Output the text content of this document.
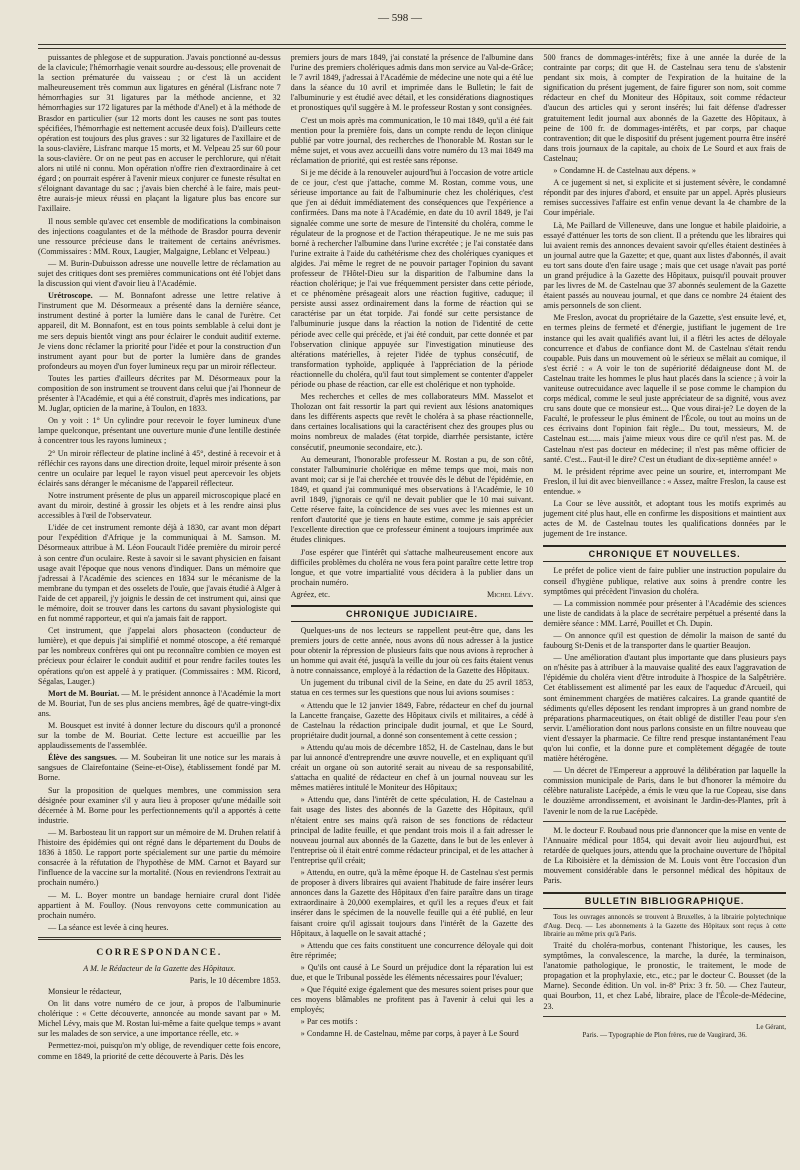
— 598 —

puissantes de phlegose et de suppuration. J'avais ponctionné au-dessus de la clavicule; l'hémorrhagie venait sourdre au-dessous; elle provenait de la section prématurée du vaisseau ; or c'est là un accident malheureusement très commun aux ligatures en général (Lisfranc note 7 hémorrhagies sur 31 ligatures par la méthode ancienne, et 32 hémorrhagies sur 172 ligatures par la méthode d'Anel) et à la méthode de Brasdor en particulier (sur 12 morts dont les causes ne sont pas toutes spécifiées, l'hémorrhagie est nettement accusée deux fois). D'ailleurs cette opération est toujours des plus graves : sur 32 ligatures de l'axillaire et de la sous-clavière, Lisfranc marque 15 morts, et M. Velpeau 25 sur 60 pour la sous-clavière. Or on ne peut pas en accuser le perchlorure, qui n'était alors ni utilé ni connu. Mon opération n'offre rien d'extraordinaire à cet égard ; on pourrait espérer à l'avenir mieux conjurer ce funeste résultat en s'éloignant davantage du sac ; j'avais bien cherché à le faire, mais peut-être aurais-je mieux réussi en plaçant la ligature plus bas encore sur l'axillaire.

Il nous semble qu'avec cet ensemble de modifications la combinaison des injections coagulantes et de la méthode de Brasdor pourra devenir une ressource précieuse dans le traitement de certains anévrismes. (Commissaires : MM. Roux, Laugier, Malgaigne, Leblanc et Velpeau.)

— M. Burin-Dubuisson adresse une nouvelle lettre de réclamation au sujet des critiques dont ses premières communications ont été l'objet dans la discussion qui vient d'avoir lieu à l'Académie.

Urétroscope. — M. Bonnafont adresse une lettre relative à l'instrument que M. Désormeaux a présenté dans la dernière séance, instrument destiné à porter la lumière dans le canal de l'urètre. Cet appareil, dit M. Bonnafont, est en tous points semblable à celui dont je me sers depuis bientôt vingt ans pour éclairer le conduit auditif externe. Je viens donc réclamer la priorité pour l'idée et pour la construction d'un instrument ayant pour but de porter la lumière dans de grandes profondeurs au moyen d'un foyer lumineux reçu par un miroir réflecteur.

Toutes les parties d'ailleurs décrites par M. Désormeaux pour la composition de son instrument se trouvent dans celui que j'ai l'honneur de présenter à l'Académie, et qui a été construit, d'après mes indications, par M. Juglar, opticien de la marine, à Toulon, en 1833.

On y voit : 1° Un cylindre pour recevoir le foyer lumineux d'une lampe quelconque, présentant une ouverture munie d'une lentille destinée à concentrer tous les rayons lumineux ;

2° Un miroir réflecteur de platine incliné à 45°, destiné à recevoir et à réfléchir ces rayons dans une direction droite, lequel miroir présente à son centre un oculaire par lequel le rayon visuel peut apercevoir les objets éclairés sans déranger le mécanisme de l'appareil réflecteur.

Notre instrument présente de plus un appareil microscopique placé en avant du miroir, destiné à grossir les objets et à les rendre ainsi plus accessibles à l'œil de l'observateur.

L'idée de cet instrument remonte déjà à 1830, car avant mon départ pour l'expédition d'Afrique je la communiquai à M. Samson. M. Désormeaux attribue à M. Léon Foucault l'idée première du miroir percé à son centre d'un oculaire. Reste à savoir si le savant physicien en faisant usage avait l'époque que nous venons d'indiquer. Dans un mémoire que j'adressai à l'Académie des sciences en 1834 sur le mécanisme de la membrane du tympan et des osselets de l'ouïe, que j'avais étudié à Alger à l'aide de cet appareil, j'y joignis le dessin de cet instrument qui, ainsi que le mémoire, doit se trouver dans les cartons du savant physiologiste qui en fut nommé rapporteur, et qui n'a jamais fait de rapport.

Cet instrument, que j'appelai alors phosacteon (conducteur de lumière), et que depuis j'ai simplifié et nommé otoscope, a été remarqué par les nombreux confrères qui ont pu reconnaître combien ce moyen est précieux pour éclairer le conduit auditif et pour rendre faciles toutes les opérations qu'on est appelé à y pratiquer. (Commissaires : MM. Ricord, Ségalas, Lauger.)

Mort de M. Bouriat. — M. le président annonce à l'Académie la mort de M. Bouriat, l'un de ses plus anciens membres, âgé de quatre-vingt-dix ans.

M. Bousquet est invité à donner lecture du discours qu'il a prononcé sur la tombe de M. Bouriat. Cette lecture est accueillie par les applaudissements de l'assemblée.

Élève des sangsues. — M. Soubeiran lit une notice sur les marais à sangsues de Clairefontaine (Seine-et-Oise), établissement fondé par M. Borne.

Sur la proposition de quelques membres, une commission sera désignée pour examiner s'il y aura lieu à proposer qu'une médaille soit décernée à M. Borne pour les perfectionnements qu'il a apportés à cette industrie.

— M. Barbosteau lit un rapport sur un mémoire de M. Druhen relatif à l'histoire des épidémies qui ont régné dans le département du Doubs de 1836 à 1850. Le rapport porte spécialement sur une partie du mémoire consacrée à la réfutation de l'hypothèse de MM. Carnot et Bayard sur l'influence de la vaccine sur la mortalité. (Nous en reviendrons l'extrait au prochain numéro.)

— M. L. Boyer montre un bandage herniaire crural dont l'idée appartient à M. Foulloy. (Nous renvoyons cette communication au prochain numéro.

— La séance est levée à cinq heures.

CORRESPONDANCE.

A M. le Rédacteur de la Gazette des Hôpitaux.

Paris, le 10 décembre 1853.

Monsieur le rédacteur,

On lit dans votre numéro de ce jour, à propos de l'albuminurie cholérique : « Cette découverte, annoncée au monde savant par » M. Michel Lévy, mais que M. Rostan lui-même a faite quelque temps » avant sur les malades de son service, a une importance réelle, etc. »

Permettez-moi, puisqu'on m'y oblige, de revendiquer cette fois encore, comme en 1849, la priorité de cette découverte à Paris. Dès les

premiers jours de mars 1849, j'ai constaté la présence de l'albumine dans l'urine des premiers cholériques admis dans mon service au Val-de-Grâce; le 7 avril 1849, j'adressai à l'Académie de médecine une note qui a été lue dans la séance du 10 avril et imprimée dans le Bulletin; le fait de l'albuminurie y est étudié avec détail, et les considérations diagnostiques et pronostiques qu'il suggère à M. le professeur Rostan y sont consignées.

C'est un mois après ma communication, le 10 mai 1849, qu'il a été fait mention pour la première fois, dans un compte rendu de leçon clinique publié par votre journal, des recherches de l'honorable M. Rostan sur le même sujet, et vous avez accueilli dans votre numéro du 13 mai 1849 ma réclamation de priorité, qui est restée sans réponse.

Si je me décide à la renouveler aujourd'hui à l'occasion de votre article de ce jour, c'est que j'attache, comme M. Rostan, comme vous, une sérieuse importance au fait de l'albuminurie chez les cholériques, c'est que j'en ai déduit immédiatement des conséquences que l'expérience a confirmées. Dans ma note à l'Académie, en date du 10 avril 1849, je l'ai signalée comme une sorte de mesure de l'intensité du choléra, comme le régulateur de la prognose et de l'action thérapeutique. Je ne me suis pas borné à rechercher l'albumine dans l'urine excrétée ; je l'ai constatée dans l'urine extraite à l'aide du cathétérisme chez des cholériques cyaniques et algides. J'ai même le regret de ne pouvoir partager l'opinion du savant professeur de l'Hôtel-Dieu sur la disparition de l'albumine dans la réaction cholérique; je l'ai vue fréquemment persister dans cette période, et ce phénomène présageait alors une réaction fugitive, caduque; il persiste aussi assez ordinairement dans la forme de réaction qui se caractérise par un état torpide. J'ai fondé sur cette persistance de l'albuminurie jusque dans la réaction la notion de l'identité de cette période avec celle qui précède, et j'ai été conduit, par cette donnée et par l'observation clinique appuyée sur l'investigation minutieuse des altérations matérielles, à rejeter l'idée de typhus consécutif, de transformation typhoïde, appliquée à l'appréciation de la période réactionnelle du choléra, qu'il faut tout simplement se contenter d'appeler période ou phase de réaction, car elle est cholérique et non typhoïde.

Mes recherches et celles de mes collaborateurs MM. Masselot et Tholozan ont fait ressortir la part qui revient aux lésions anatomiques dans les différents aspects que revêt le choléra à sa phase réactionnelle, dans certaines localisations qui la caractérisent chez des groupes plus ou moins nombreux de malades (état torpide, diarrhée persistante, ictère consécutif, pneumonie secondaire, etc.).

Au demeurant, l'honorable professeur M. Rostan a pu, de son côté, constater l'albuminurie cholérique en même temps que moi, mais non avant moi; car si je l'ai cherchée et trouvée dès le début de l'épidémie, en 1849, et quand j'ai communiqué mes observations à l'Académie, le 10 avril 1849, j'ignorais ce qu'il ne devait publier que le 10 mai suivant. Cette réserve faite, la coïncidence de ses vues avec les miennes est un renfort d'autorité que je tiens en haute estime, comme je sais apprécier l'excellente direction que ce professeur éminent a toujours imprimée aux études cliniques.

J'ose espérer que l'intérêt qui s'attache malheureusement encore aux difficiles problèmes du choléra ne vous fera point paraître cette lettre trop longue, et que votre impartialité vous décidera à la publier dans un prochain numéro.

Agréez, etc.	Michel Lévy.
CHRONIQUE JUDICIAIRE.

Quelques-uns de nos lecteurs se rappellent peut-être que, dans les premiers jours de cette année, nous avons dû nous adresser à la justice pour obtenir la répression de plusieurs faits que nous avions à reprocher à un homme qui avait été, jusqu'à la veille du jour où ces faits étaient venus à notre connaissance, employé à la rédaction de la Gazette des Hôpitaux.

Un jugement du tribunal civil de la Seine, en date du 25 avril 1853, statua en ces termes sur les questions que nous lui avions soumises :

« Attendu que le 12 janvier 1849, Fabre, rédacteur en chef du journal la Lancette française, Gazette des Hôpitaux civils et militaires, a cédé à de Castelnau la rédaction principale dudit journal, et que Le Sourd, propriétaire dudit journal, a donné son consentement à cette cession ;

» Attendu qu'au mois de décembre 1852, H. de Castelnau, dans le but par lui annoncé d'entreprendre une œuvre nouvelle, et en expliquant qu'il créait un organe où son autorité serait au niveau de sa responsabilité, s'attacha en qualité de rédacteur en chef à un journal nouveau sur les mêmes matières intitulé le Moniteur des Hôpitaux;

» Attendu que, dans l'intérêt de cette spéculation, H. de Castelnau a fait usage des listes des abonnés de la Gazette des Hôpitaux, qu'il n'étaient entre ses mains qu'à raison de ses fonctions de rédacteur principal de ladite feuille, et que pendant trois mois il a fait adresser le nouveau journal aux abonnés de la Gazette, dans le but de les enlever à l'entreprise où il était entré comme rédacteur principal, et de les attacher à l'entreprise qu'il créait;

» Attendu, en outre, qu'à la même époque H. de Castelnau s'est permis de proposer à divers libraires qui avaient l'habitude de faire insérer leurs annonces dans la Gazette des Hôpitaux d'en faire paraître dans un tirage extraordinaire à 20,000 exemplaires, et qu'il les a reçues d'eux et fait insérer dans le spécimen de la nouvelle feuille qui a été publié, en leur faisant croire qu'il agissait toujours dans l'intérêt de la Gazette des Hôpitaux, à laquelle on le savait attaché ;

» Attendu que ces faits constituent une concurrence déloyale qui doit être réprimée;

» Qu'ils ont causé à Le Sourd un préjudice dont la réparation lui est due, et que le Tribunal possède les éléments nécessaires pour l'évaluer;

» Que l'équité exige également que des mesures soient prises pour que ces moyens blâmables ne profitent pas à l'avenir à celui qui les a employés;

» Par ces motifs :

» Condamne H. de Castelnau, même par corps, à payer à Le Sourd

500 francs de dommages-intérêts; fixe à une année la durée de la contrainte par corps; dit que H. de Castelnau sera tenu de s'abstenir pendant six mois, à compter de l'expiration de la huitaine de la signification du présent jugement, de faire figurer son nom, soit comme rédacteur en chef du Moniteur des Hôpitaux, soit comme rédacteur d'aucun des articles qui y seront insérés; lui fait défense d'adresser gratuitement ledit journal aux abonnés de la Gazette des Hôpitaux, à peine de 100 fr. de dommages-intérêts, et par corps, par chaque contravention; dit que le dispositif du présent jugement pourra être inséré dans trois journaux de la capitale, au choix de Le Sourd et aux frais de Castelnau;

» Condamne H. de Castelnau aux dépens. »

A ce jugement si net, si explicite et si justement sévère, le condamné répondit par des injures d'abord, et ensuite par un appel. Après plusieurs remises successives l'affaire est enfin venue devant la 4e chambre de la Cour impériale.

Là, Me Paillard de Villeneuve, dans une longue et habile plaidoirie, a essayé d'atténuer les torts de son client. Il a prétendu que les libraires qui lui avaient remis des annonces devaient savoir qu'elles étaient destinées à un journal autre que la Gazette; et que, quant aux listes d'abonnés, il avait eu tort sans doute d'en faire usage ; mais que cet usage n'avait pas porté un grand préjudice à la Gazette des Hôpitaux, puisqu'il pouvait prouver par les livres de M. de Castelnau que 37 abonnés seulement de la Gazette étaient passés au nouveau journal, et que dans ce nombre 24 étaient des amis personnels de son client.

Me Freslon, avocat du propriétaire de la Gazette, s'est ensuite levé, et, en termes pleins de fermeté et d'énergie, justifiant le jugement de 1re instance qui les avait qualifiés avant lui, il a flétri les actes de déloyale concurrence et d'abus de confiance dont M. de Castelnau s'était rendu coupable. Puis dans un mouvement où le sérieux se mêlait au comique, il s'est écrié : « A voir le ton de supériorité dédaigneuse dont M. de Castelnau traite les hommes le plus haut placés dans la science ; à voir la vaniteuse outrecuidance avec laquelle il se pose comme le champion du corps médical, comme le seul juste appréciateur de sa dignité, vous avez cru sans doute que ce monsieur est.... Que vous dirai-je? Le doyen de la Faculté, le professeur le plus éminent de l'École, ou tout au moins un de ces écrivains dont l'opinion fait règle... Du tout, messieurs, M. de Castelnau est...... mais j'aime mieux vous dire ce qu'il n'est pas. M. de Castelnau n'est pas docteur en médecine; il n'est pas même officier de santé. C'est... Faut-il le dire? C'est un étudiant de dix-septième année! »

M. le président réprime avec peine un sourire, et, interrompant Me Freslon, il lui dit avec bienveillance : « Assez, maître Freslon, la cause est entendue. »

La Cour se lève aussitôt, et adoptant tous les motifs exprimés au jugement cité plus haut, elle en confirme les dispositions et maintient aux actes de M. de Castelnau toutes les qualifications données par le jugement de 1re instance.

CHRONIQUE ET NOUVELLES.

Le préfet de police vient de faire publier une instruction populaire du conseil d'hygiène publique, relative aux soins à prendre contre les symptômes qui précèdent l'invasion du choléra.

— La commission nommée pour présenter à l'Académie des sciences une liste de candidats à la place de secrétaire perpétuel a présenté dans la dernière séance : MM. Larré, Pouillet et Ch. Dupin.

— On annonce qu'il est question de démolir la maison de santé du faubourg St-Denis et de la transporter dans le quartier Beaujon.

— Une amélioration d'autant plus importante que dans plusieurs pays on n'hésite pas à attribuer à la mauvaise qualité des eaux l'aggravation de l'épidémie du choléra vient d'être introduite à l'hospice de la Salpêtrière. Cet établissement est alimenté par les eaux de l'aqueduc d'Arcueil, qui sont éminemment chargées de matières calcaires. La grande quantité de sédiments qu'elles déposent les rendant impropres à un grand nombre de préparations pharmaceutiques, on était obligé de distiller l'eau pour s'en servir. L'amélioration dont nous parlons consiste en un filtre nouveau que vient d'essayer la pharmacie. Ce filtre rend presque instantanément l'eau qu'on lui confie, et la donne pure et complètement dégagée de toute matière hétérogène.

— Un décret de l'Empereur a approuvé la délibération par laquelle la commission municipale de Paris, dans le but d'honorer la mémoire du célèbre naturaliste Lacépède, a émis le vœu que la rue Copeau, sise dans le douzième arrondissement, et avoisinant le Jardin-des-Plantes, prît à l'avenir le nom de la rue Lacépède.

M. le docteur F. Roubaud nous prie d'annoncer que la mise en vente de l'Annuaire médical pour 1854, qui devait avoir lieu aujourd'hui, est retardée de quelques jours, attendu que la prochaine ouverture de l'hôpital de La Riboisière et la démission de M. Louis vont être l'occasion d'un mouvement considérable dans le personnel médical des hôpitaux de Paris.

BULLETIN BIBLIOGRAPHIQUE.

Tous les ouvrages annoncés se trouvent à Bruxelles, à la librairie polytechnique d'Aug. Decq. — Les abonnements à la Gazette des Hôpitaux sont reçus à cette librairie au même prix qu'à Paris.

Traité du choléra-morbus, contenant l'historique, les causes, les symptômes, la convalescence, la marche, la durée, la terminaison, l'anatomie pathologique, le pronostic, le traitement, le mode de propagation et la prophylaxie, etc., etc.; par le docteur C. Bousset (de la Marne). Seconde édition. Un vol. in-8° Prix: 3 fr. 50. — Chez l'auteur, quai Bourbon, 11, et chez Labé, libraire, place de l'École-de-Médecine, 23.

Le Gérant,
Paris. — Typographie de Plon frères, rue de Vaugirard, 36.
